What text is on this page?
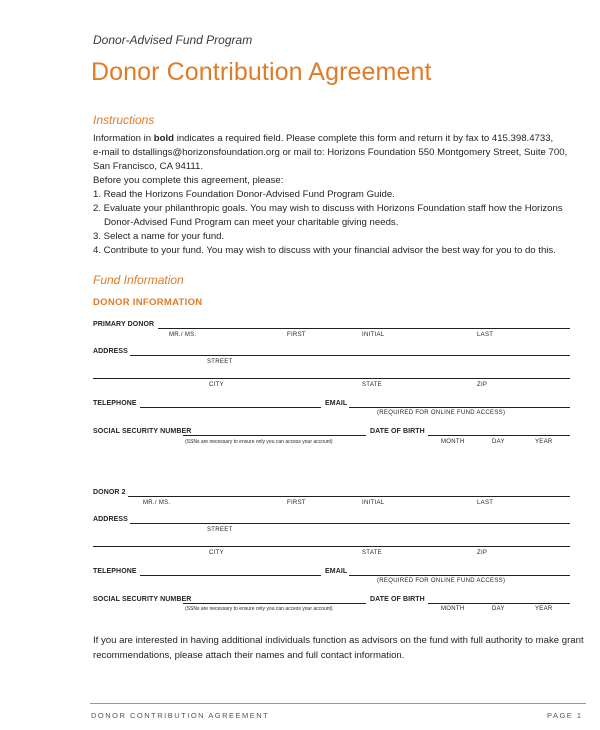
Donor-Advised Fund Program
Donor Contribution Agreement
Instructions
Information in bold indicates a required field. Please complete this form and return it by fax to 415.398.4733,
e-mail to dstallings@horizonsfoundation.org or mail to: Horizons Foundation 550 Montgomery Street, Suite 700,
San Francisco, CA 94111.
Before you complete this agreement, please:
1. Read the Horizons Foundation Donor-Advised Fund Program Guide.
2. Evaluate your philanthropic goals. You may wish to discuss with Horizons Foundation staff how the Horizons
Donor-Advised Fund Program can meet your charitable giving needs.
3. Select a name for your fund.
4. Contribute to your fund. You may wish to discuss with your financial advisor the best way for you to do this.
Fund Information
DONOR INFORMATION
PRIMARY DONOR
MR./ MS.	FIRST	INITIAL	LAST
ADDRESS
STREET
CITY	STATE	ZIP
TELEPHONE	EMAIL
(REQUIRED FOR ONLINE FUND ACCESS)
SOCIAL SECURITY NUMBER
(SSNs are necessary to ensure only you can access your account)
DATE OF BIRTH
MONTH	DAY	YEAR
DONOR 2
MR./ MS.	FIRST	INITIAL	LAST
ADDRESS
STREET
CITY	STATE	ZIP
TELEPHONE	EMAIL
(REQUIRED FOR ONLINE FUND ACCESS)
SOCIAL SECURITY NUMBER
(SSNs are necessary to ensure only you can access your account)
DATE OF BIRTH
MONTH	DAY	YEAR
If you are interested in having additional individuals function as advisors on the fund with full authority to make grant
recommendations, please attach their names and full contact information.
DONOR CONTRIBUTION AGREEMENT	PAGE 1
